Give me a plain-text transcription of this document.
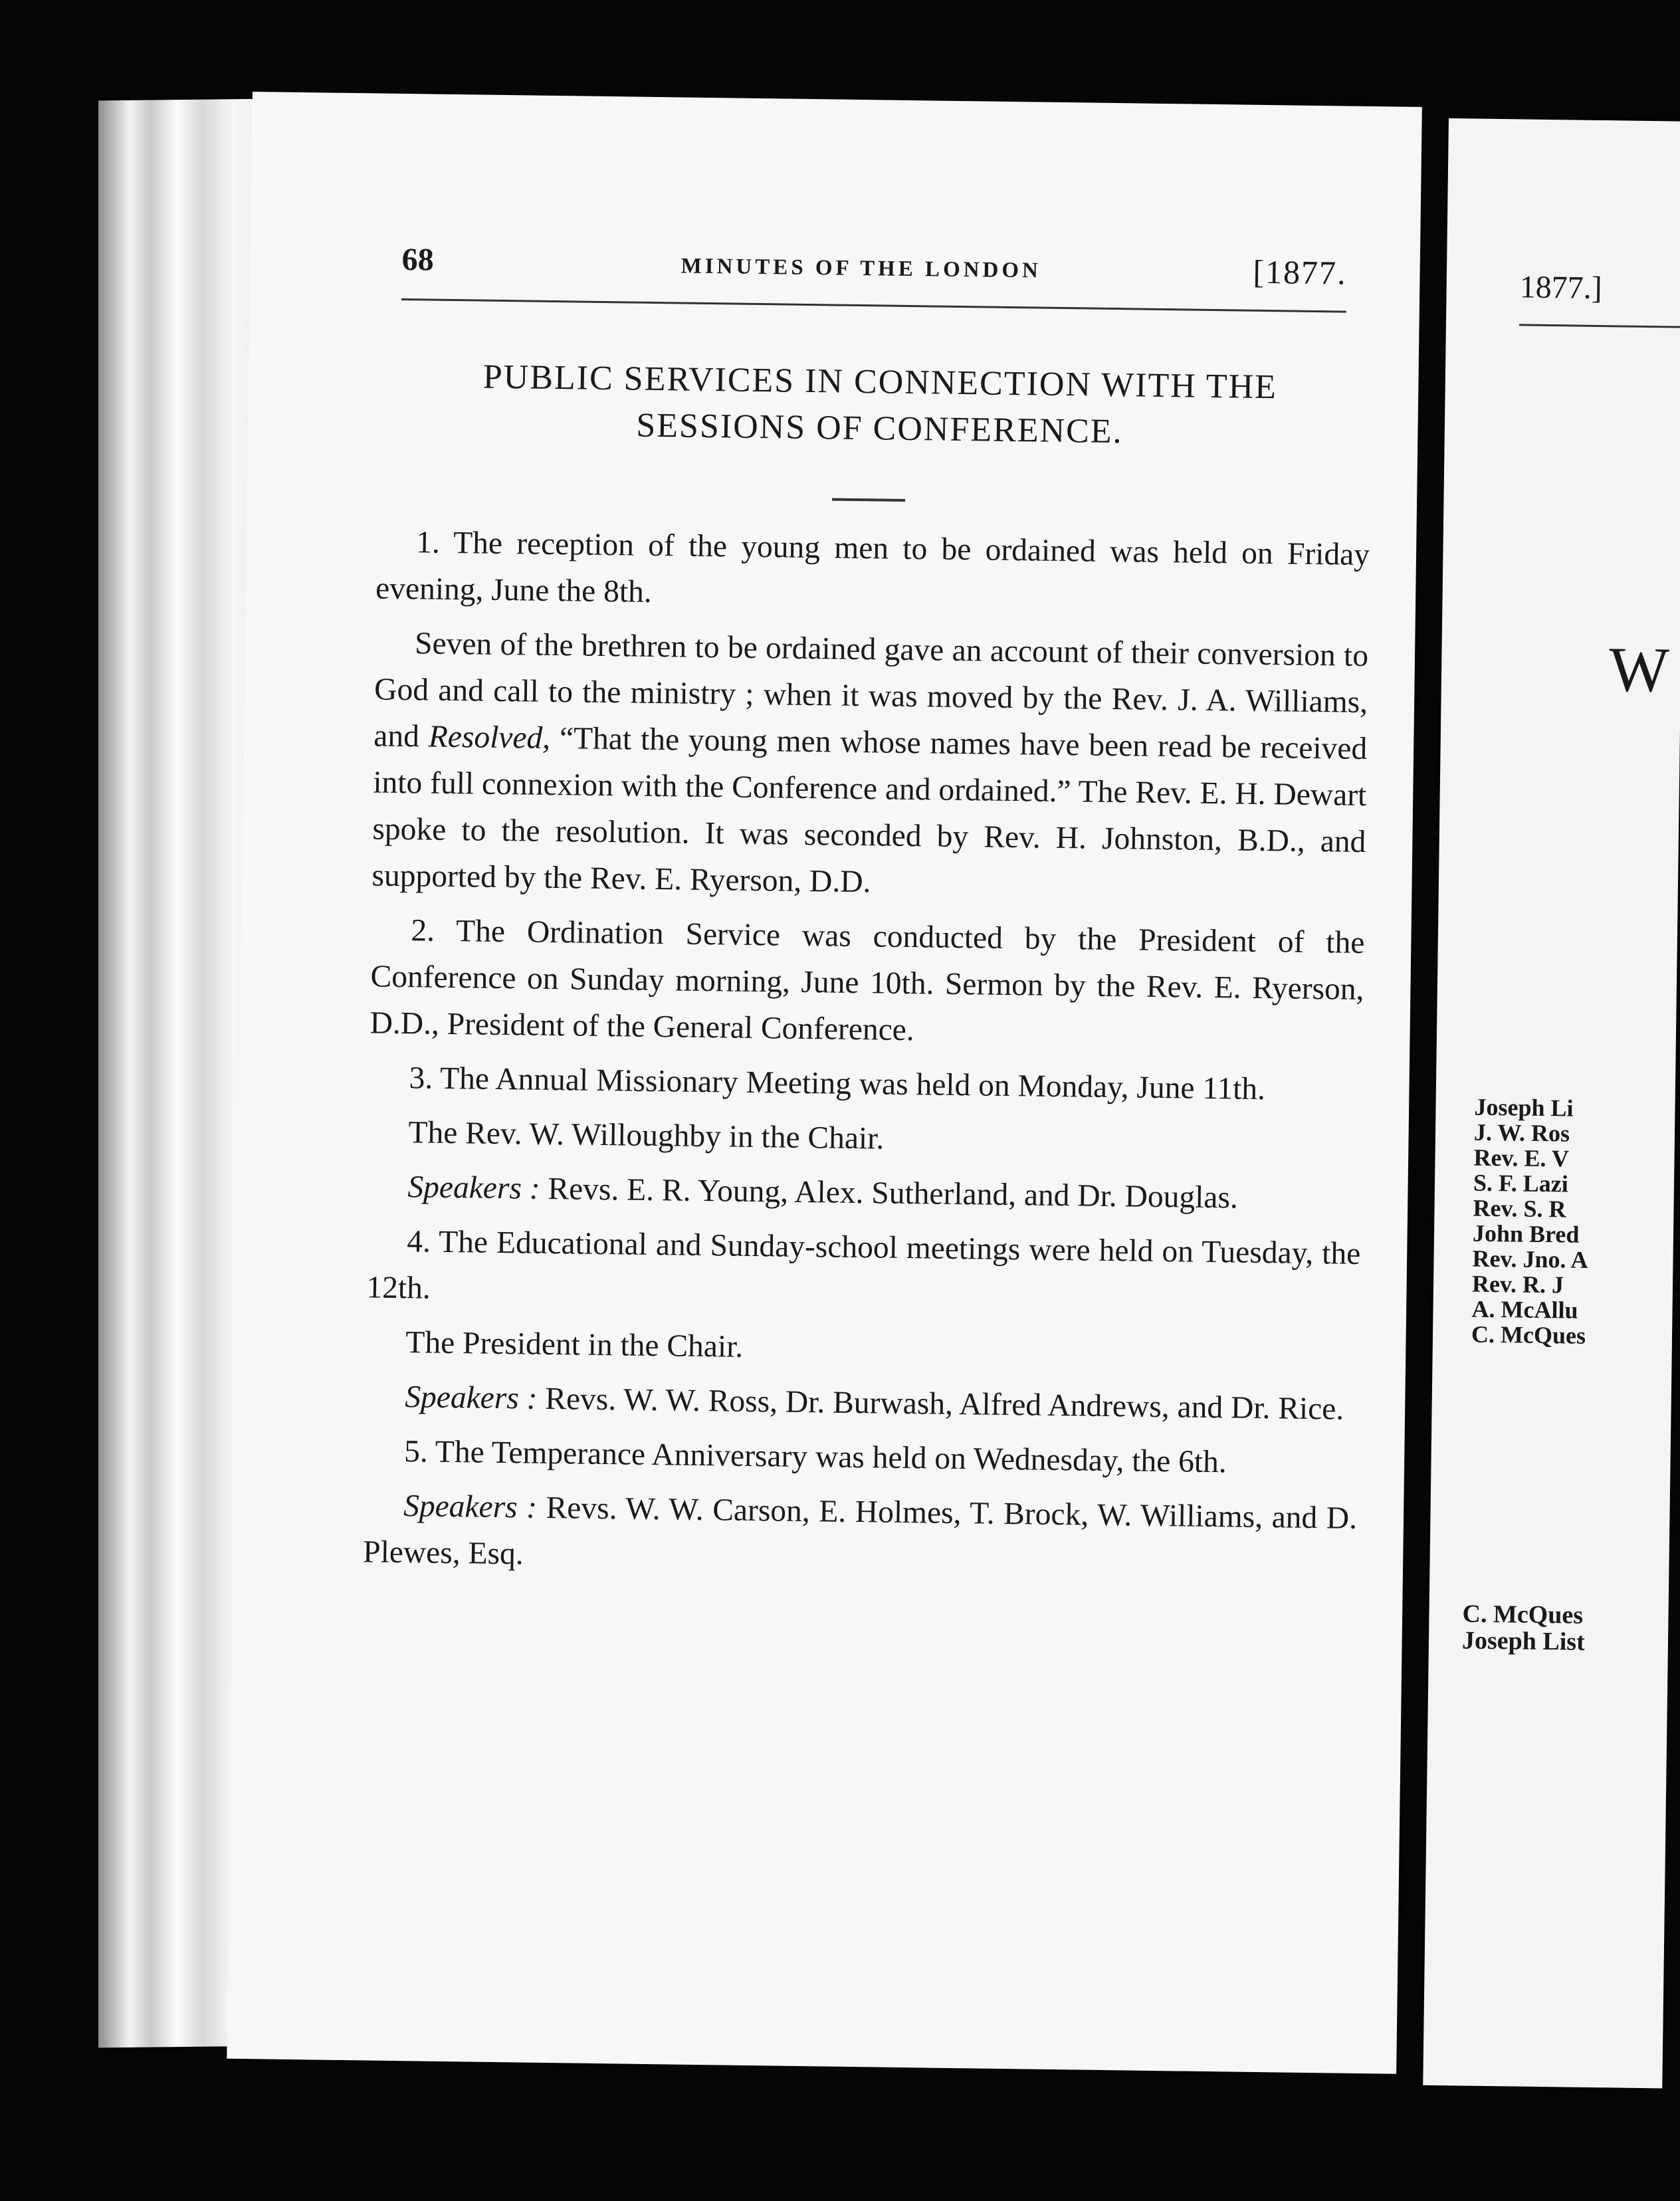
68	MINUTES OF THE LONDON	[1877.
PUBLIC SERVICES IN CONNECTION WITH THE
SESSIONS OF CONFERENCE.

1. The reception of the young men to be ordained was held on Friday evening, June the 8th.

Seven of the brethren to be ordained gave an account of their conversion to God and call to the ministry ; when it was moved by the Rev. J. A. Williams, and Resolved, “That the young men whose names have been read be received into full connexion with the Conference and ordained.” The Rev. E. H. Dewart spoke to the resolution. It was seconded by Rev. H. Johnston, B.D., and supported by the Rev. E. Ryerson, D.D.

2. The Ordination Service was conducted by the President of the Conference on Sunday morning, June 10th. Sermon by the Rev. E. Ryerson, D.D., President of the General Conference.

3. The Annual Missionary Meeting was held on Monday, June 11th.

The Rev. W. Willoughby in the Chair.

Speakers : Revs. E. R. Young, Alex. Sutherland, and Dr. Douglas.

4. The Educational and Sunday-school meetings were held on Tuesday, the 12th.

The President in the Chair.

Speakers : Revs. W. W. Ross, Dr. Burwash, Alfred Andrews, and Dr. Rice.

5. The Temperance Anniversary was held on Wednesday, the 6th.

Speakers : Revs. W. W. Carson, E. Holmes, T. Brock, W. Williams, and D. Plewes, Esq.

1877.]
W
Joseph Li
J. W. Ros
Rev. E. V
S. F. Lazi
Rev. S. R
John Bred
Rev. Jno. A
Rev. R. J
A. McAllu
C. McQues
C. McQues
Joseph List
